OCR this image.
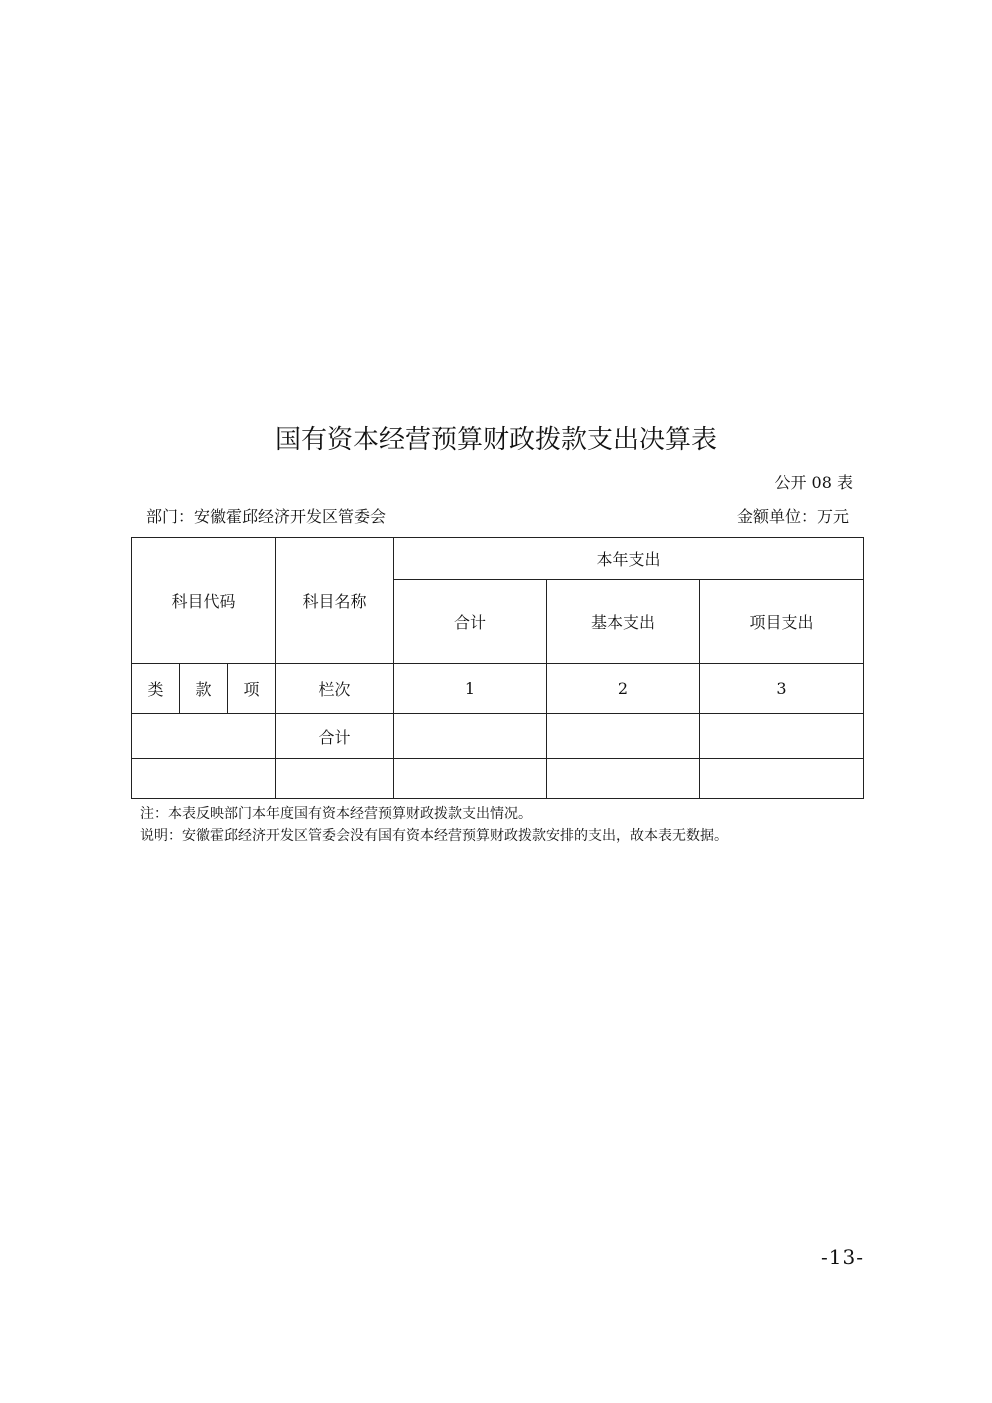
国有资本经营预算财政拨款支出决算表
公开 08 表
部门：安徽霍邱经济开发区管委会	金额单位：万元
科目代码			科目名称	本年支出		
				合计	基本支出	项目支出
类	款	项	栏次	1	2	3
			合计			

注：本表反映部门本年度国有资本经营预算财政拨款支出情况。
说明：安徽霍邱经济开发区管委会没有国有资本经营预算财政拨款安排的支出，故本表无数据。
-13-
